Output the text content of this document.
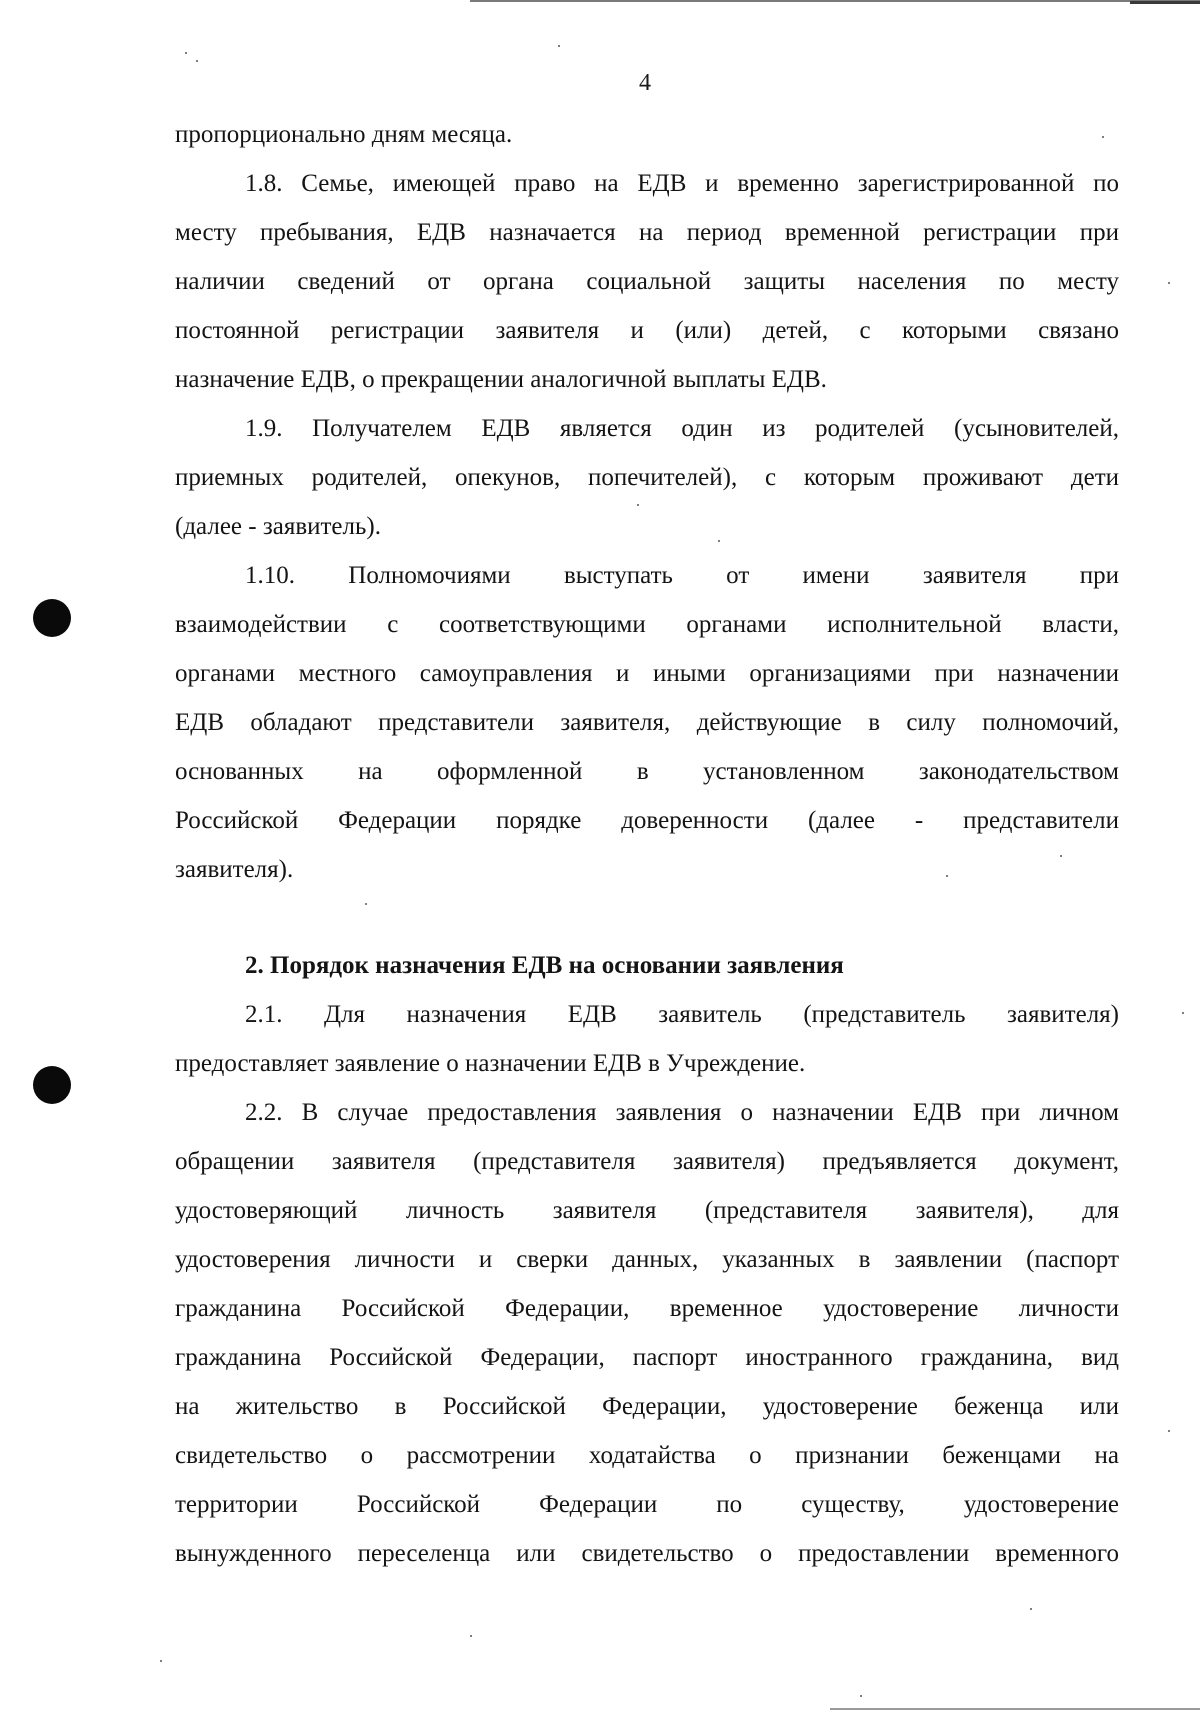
4

пропорционально дням месяца.

1.8. Семье, имеющей право на ЕДВ и временно зарегистрированной по
месту пребывания, ЕДВ назначается на период временной регистрации при
наличии сведений от органа социальной защиты населения по месту
постоянной регистрации заявителя и (или) детей, с которыми связано
назначение ЕДВ, о прекращении аналогичной выплаты ЕДВ.

1.9. Получателем ЕДВ является один из родителей (усыновителей,
приемных родителей, опекунов, попечителей), с которым проживают дети
(далее - заявитель).

1.10. Полномочиями выступать от имени заявителя при
взаимодействии с соответствующими органами исполнительной власти,
органами местного самоуправления и иными организациями при назначении
ЕДВ обладают представители заявителя, действующие в силу полномочий,
основанных на оформленной в установленном законодательством
Российской Федерации порядке доверенности (далее - представители
заявителя).

2. Порядок назначения ЕДВ на основании заявления

2.1. Для назначения ЕДВ заявитель (представитель заявителя)
предоставляет заявление о назначении ЕДВ в Учреждение.

2.2. В случае предоставления заявления о назначении ЕДВ при личном
обращении заявителя (представителя заявителя) предъявляется документ,
удостоверяющий личность заявителя (представителя заявителя), для
удостоверения личности и сверки данных, указанных в заявлении (паспорт
гражданина Российской Федерации, временное удостоверение личности
гражданина Российской Федерации, паспорт иностранного гражданина, вид
на жительство в Российской Федерации, удостоверение беженца или
свидетельство о рассмотрении ходатайства о признании беженцами на
территории Российской Федерации по существу, удостоверение
вынужденного переселенца или свидетельство о предоставлении временного
